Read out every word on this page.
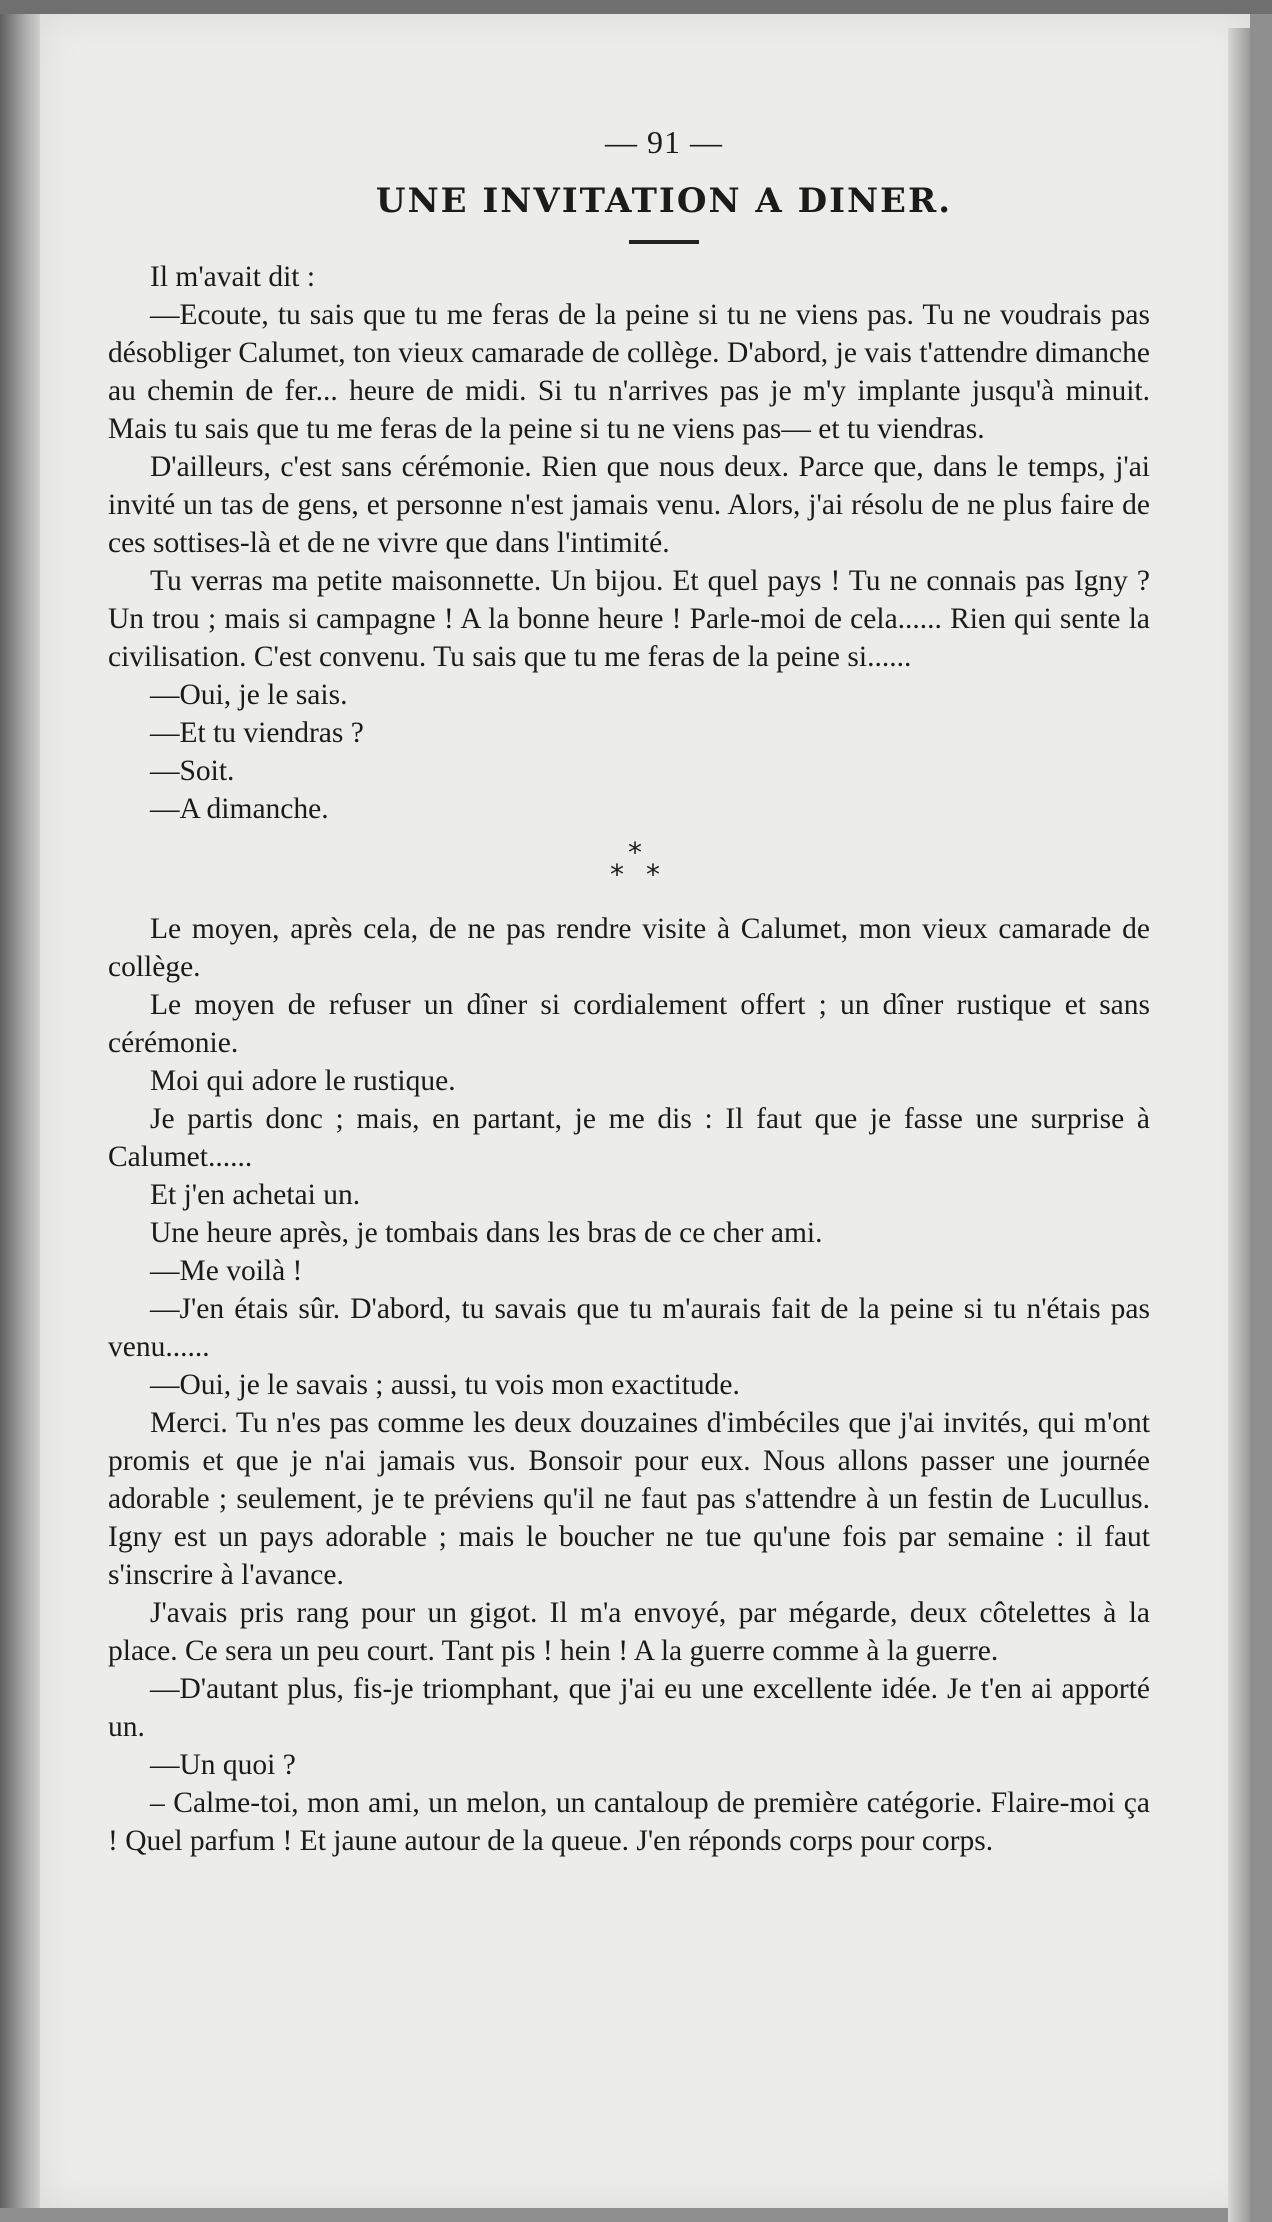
— 91 —
UNE INVITATION A DINER.

Il m'avait dit :

—Ecoute, tu sais que tu me feras de la peine si tu ne viens pas. Tu ne voudrais pas désobliger Calumet, ton vieux camarade de collège. D'abord, je vais t'attendre dimanche au chemin de fer... heure de midi. Si tu n'arrives pas je m'y implante jusqu'à minuit. Mais tu sais que tu me feras de la peine si tu ne viens pas— et tu viendras.

D'ailleurs, c'est sans cérémonie. Rien que nous deux. Parce que, dans le temps, j'ai invité un tas de gens, et personne n'est jamais venu. Alors, j'ai résolu de ne plus faire de ces sottises-là et de ne vivre que dans l'intimité.

Tu verras ma petite maisonnette. Un bijou. Et quel pays ! Tu ne connais pas Igny ? Un trou ; mais si campagne ! A la bonne heure ! Parle-moi de cela...... Rien qui sente la civilisation. C'est convenu. Tu sais que tu me feras de la peine si......

—Oui, je le sais.

—Et tu viendras ?

—Soit.

—A dimanche.

*
* *

Le moyen, après cela, de ne pas rendre visite à Calumet, mon vieux camarade de collège.

Le moyen de refuser un dîner si cordialement offert ; un dîner rustique et sans cérémonie.

Moi qui adore le rustique.

Je partis donc ; mais, en partant, je me dis : Il faut que je fasse une surprise à Calumet......

Et j'en achetai un.

Une heure après, je tombais dans les bras de ce cher ami.

—Me voilà !

—J'en étais sûr. D'abord, tu savais que tu m'aurais fait de la peine si tu n'étais pas venu......

—Oui, je le savais ; aussi, tu vois mon exactitude.

Merci. Tu n'es pas comme les deux douzaines d'imbéciles que j'ai invités, qui m'ont promis et que je n'ai jamais vus. Bonsoir pour eux. Nous allons passer une journée adorable ; seulement, je te préviens qu'il ne faut pas s'attendre à un festin de Lucullus. Igny est un pays adorable ; mais le boucher ne tue qu'une fois par semaine : il faut s'inscrire à l'avance.

J'avais pris rang pour un gigot. Il m'a envoyé, par mégarde, deux côtelettes à la place. Ce sera un peu court. Tant pis ! hein ! A la guerre comme à la guerre.

—D'autant plus, fis-je triomphant, que j'ai eu une excellente idée. Je t'en ai apporté un.

—Un quoi ?

– Calme-toi, mon ami, un melon, un cantaloup de première catégorie. Flaire-moi ça ! Quel parfum ! Et jaune autour de la queue. J'en réponds corps pour corps.
